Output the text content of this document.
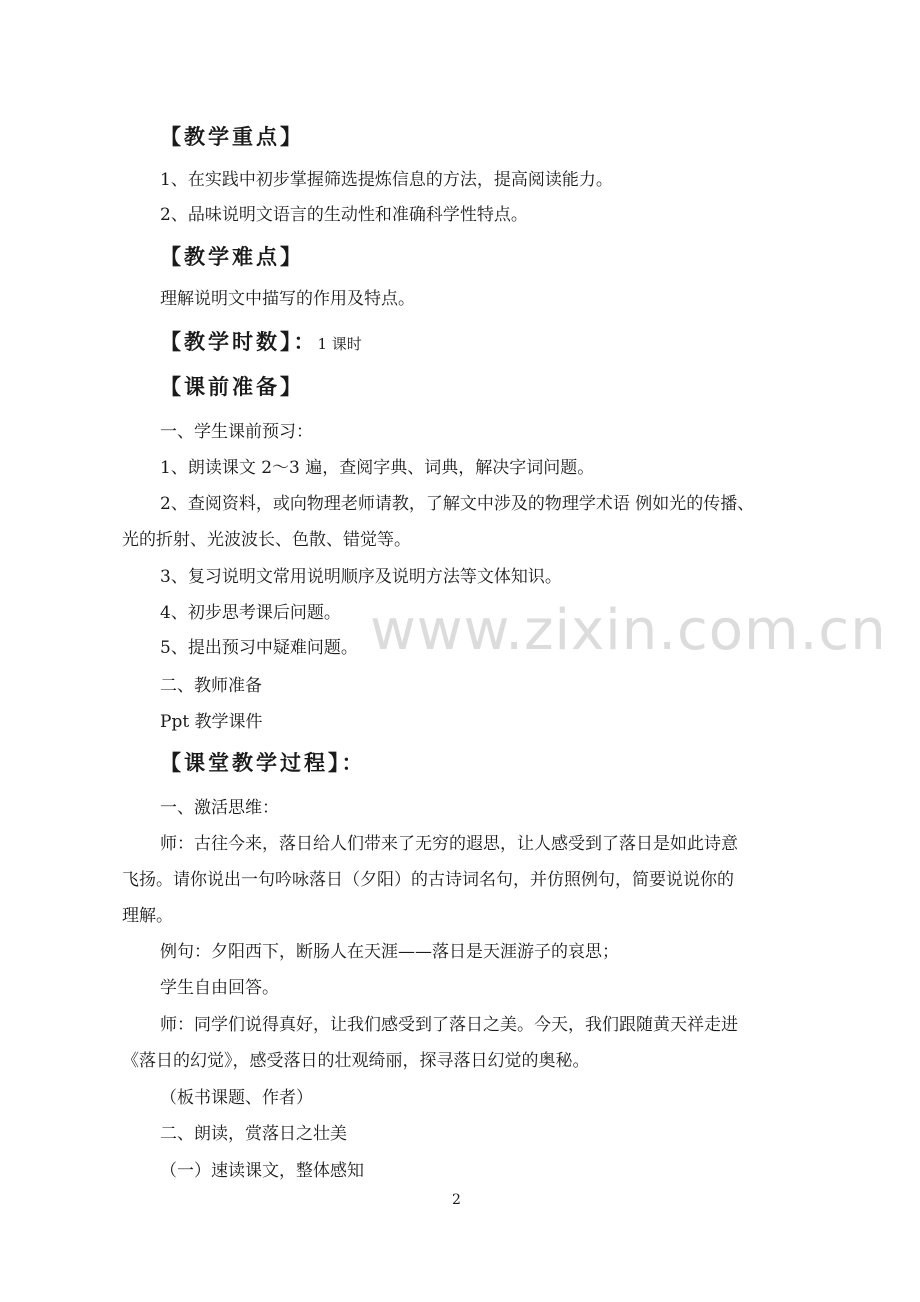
www.zixin.com.cn
【教学重点】
1、在实践中初步掌握筛选提炼信息的方法，提高阅读能力。
2、品味说明文语言的生动性和准确科学性特点。
【教学难点】
理解说明文中描写的作用及特点。
【教学时数】：1 课时
【课前准备】
一、学生课前预习：
1、朗读课文 2～3 遍，查阅字典、词典，解决字词问题。
2、查阅资料，或向物理老师请教，了解文中涉及的物理学术语 例如光的传播、
光的折射、光波波长、色散、错觉等。
3、复习说明文常用说明顺序及说明方法等文体知识。
4、初步思考课后问题。
5、提出预习中疑难问题。
二、教师准备
Ppt 教学课件
【课堂教学过程】：
一、激活思维：
师：古往今来，落日给人们带来了无穷的遐思，让人感受到了落日是如此诗意
飞扬。请你说出一句吟咏落日（夕阳）的古诗词名句，并仿照例句，简要说说你的
理解。
例句：夕阳西下，断肠人在天涯——落日是天涯游子的哀思；
学生自由回答。
师：同学们说得真好，让我们感受到了落日之美。今天，我们跟随黄天祥走进
《落日的幻觉》，感受落日的壮观绮丽，探寻落日幻觉的奥秘。
（板书课题、作者）
二、朗读，赏落日之壮美
（一）速读课文，整体感知
2
